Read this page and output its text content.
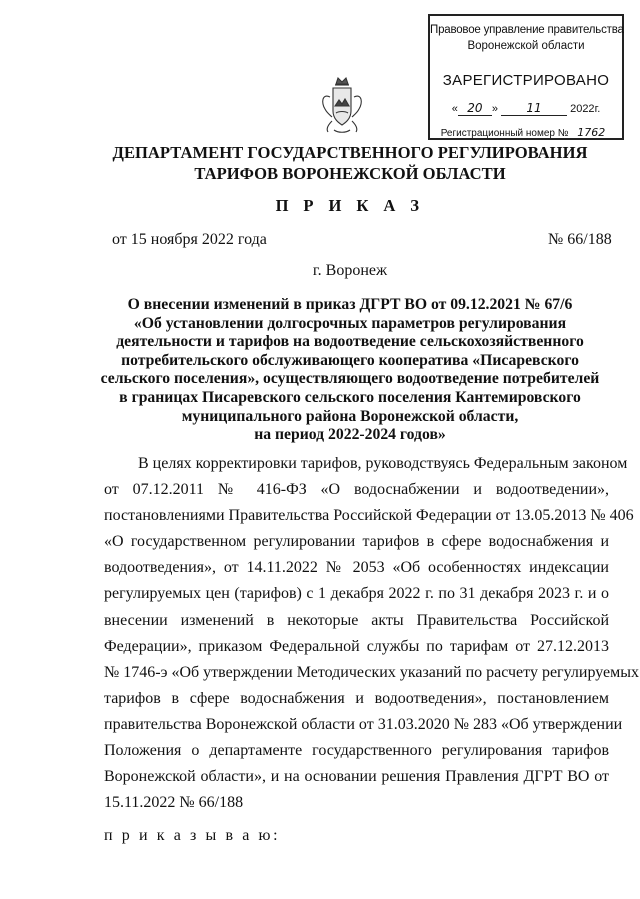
Правовое управление правительства
Воронежской области
ЗАРЕГИСТРИРОВАНО
« 20 » 11	2022г.
Регистрационный номер № 1762
ДЕПАРТАМЕНТ ГОСУДАРСТВЕННОГО РЕГУЛИРОВАНИЯ
ТАРИФОВ ВОРОНЕЖСКОЙ ОБЛАСТИ
П Р И К А З
от 15 ноября 2022 года	№ 66/188
г. Воронеж
О внесении изменений в приказ ДГРТ ВО от 09.12.2021 № 67/6
«Об установлении долгосрочных параметров регулирования
деятельности и тарифов на водоотведение сельскохозяйственного
потребительского обслуживающего кооператива «Писаревского
сельского поселения», осуществляющего водоотведение потребителей
в границах Писаревского сельского поселения Кантемировского
муниципального района Воронежской области,
на период 2022-2024 годов»
В целях корректировки тарифов, руководствуясь Федеральным законом
от 07.12.2011 № 416-ФЗ «О водоснабжении и водоотведении»,
постановлениями Правительства Российской Федерации от 13.05.2013 № 406
«О государственном регулировании тарифов в сфере водоснабжения и
водоотведения», от 14.11.2022 № 2053 «Об особенностях индексации
регулируемых цен (тарифов) с 1 декабря 2022 г. по 31 декабря 2023 г. и о
внесении изменений в некоторые акты Правительства Российской
Федерации», приказом Федеральной службы по тарифам от 27.12.2013
№ 1746-э «Об утверждении Методических указаний по расчету регулируемых
тарифов в сфере водоснабжения и водоотведения», постановлением
правительства Воронежской области от 31.03.2020 № 283 «Об утверждении
Положения о департаменте государственного регулирования тарифов
Воронежской области», и на основании решения Правления ДГРТ ВО от
15.11.2022 № 66/188
п р и к а з ы в а ю:
